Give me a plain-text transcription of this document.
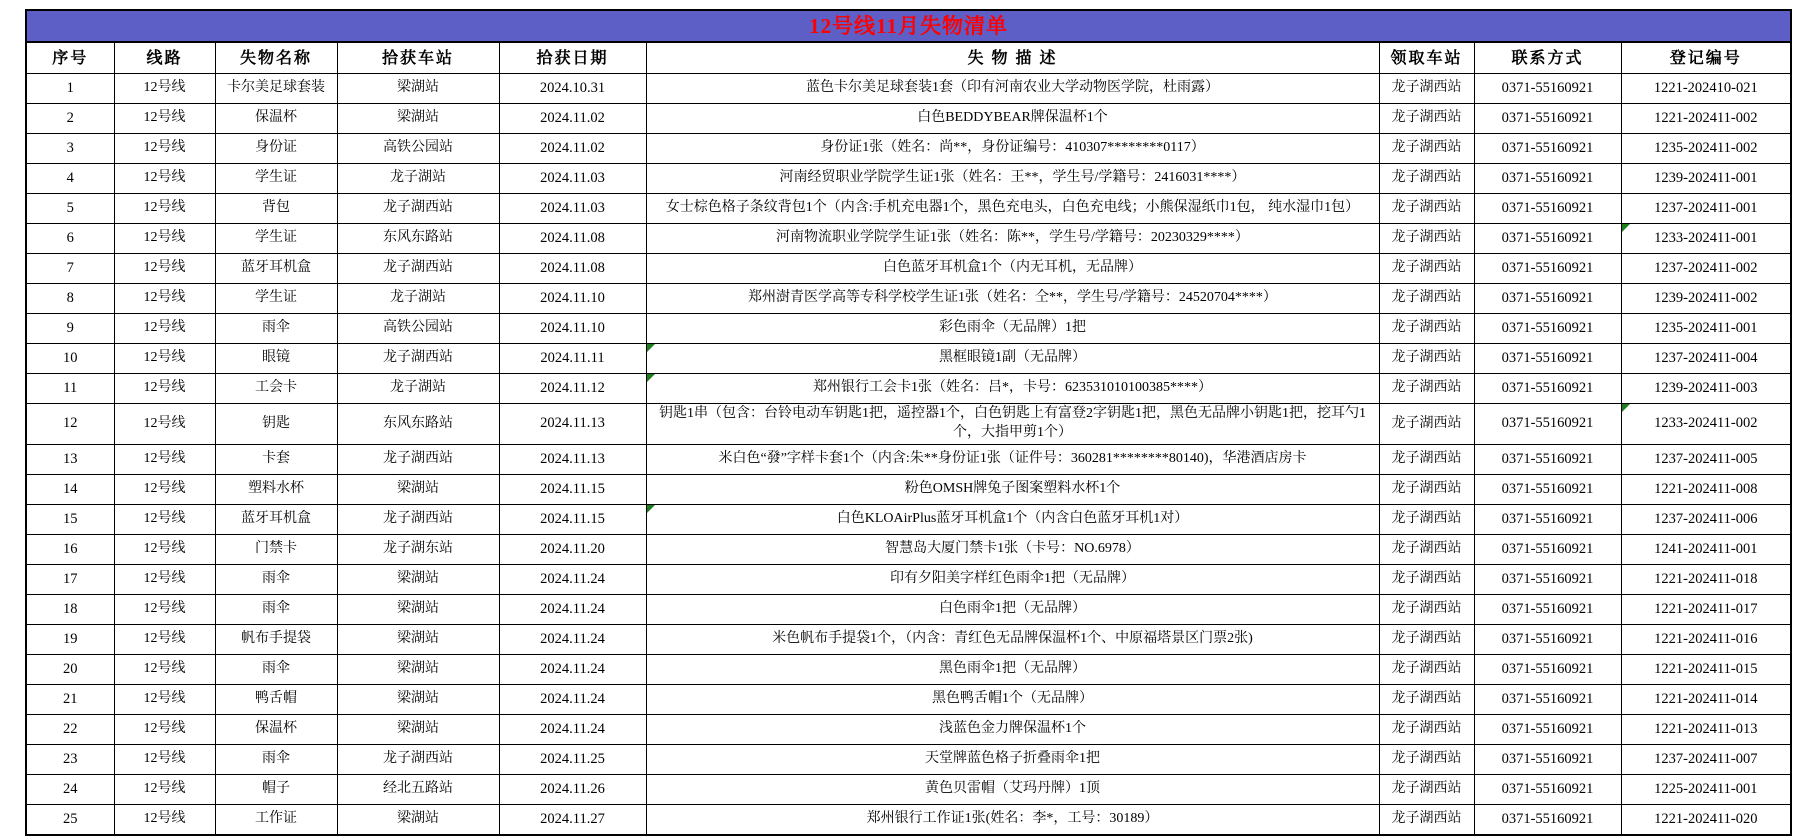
12号线11月失物清单								
序号	线路	失物名称	拾获车站	拾获日期	失 物 描 述	领取车站	联系方式	登记编号
1	12号线	卡尔美足球套装	梁湖站	2024.10.31	蓝色卡尔美足球套装1套（印有河南农业大学动物医学院，杜雨露）	龙子湖西站	0371-55160921	1221-202410-021
2	12号线	保温杯	梁湖站	2024.11.02	白色BEDDYBEAR牌保温杯1个	龙子湖西站	0371-55160921	1221-202411-002
3	12号线	身份证	高铁公园站	2024.11.02	身份证1张（姓名：尚**，身份证编号：410307********0117）	龙子湖西站	0371-55160921	1235-202411-002
4	12号线	学生证	龙子湖站	2024.11.03	河南经贸职业学院学生证1张（姓名：王**，学生号/学籍号：2416031****）	龙子湖西站	0371-55160921	1239-202411-001
5	12号线	背包	龙子湖西站	2024.11.03	女士棕色格子条纹背包1个（内含:手机充电器1个，黑色充电头，白色充电线；小熊保湿纸巾1包， 纯水湿巾1包）	龙子湖西站	0371-55160921	1237-202411-001
6	12号线	学生证	东风东路站	2024.11.08	河南物流职业学院学生证1张（姓名：陈**，学生号/学籍号：20230329****）	龙子湖西站	0371-55160921	1233-202411-001

7	12号线	蓝牙耳机盒	龙子湖西站	2024.11.08	白色蓝牙耳机盒1个（内无耳机，无品牌）	龙子湖西站	0371-55160921	1237-202411-002
8	12号线	学生证	龙子湖站	2024.11.10	郑州澍青医学高等专科学校学生证1张（姓名：仝**，学生号/学籍号：24520704****）	龙子湖西站	0371-55160921	1239-202411-002
9	12号线	雨伞	高铁公园站	2024.11.10	彩色雨伞（无品牌）1把	龙子湖西站	0371-55160921	1235-202411-001
10	12号线	眼镜	龙子湖西站	2024.11.11	黑框眼镜1副（无品牌）	龙子湖西站	0371-55160921	1237-202411-004
11	12号线	工会卡	龙子湖站	2024.11.12	郑州银行工会卡1张（姓名：吕*，卡号：623531010100385****）	龙子湖西站	0371-55160921	1239-202411-003
12	12号线	钥匙	东风东路站	2024.11.13	钥匙1串（包含：台铃电动车钥匙1把，遥控器1个，白色钥匙上有富登2字钥匙1把，黑色无品牌小钥匙1把，挖耳勺1个，大指甲剪1个）	龙子湖西站	0371-55160921	1233-202411-002

13	12号线	卡套	龙子湖西站	2024.11.13	米白色“發”字样卡套1个（内含:朱**身份证1张（证件号：360281********80140)，华港酒店房卡	龙子湖西站	0371-55160921	1237-202411-005
14	12号线	塑料水杯	梁湖站	2024.11.15	粉色OMSH牌兔子图案塑料水杯1个	龙子湖西站	0371-55160921	1221-202411-008
15	12号线	蓝牙耳机盒	龙子湖西站	2024.11.15	白色KLOAirPlus蓝牙耳机盒1个（内含白色蓝牙耳机1对）	龙子湖西站	0371-55160921	1237-202411-006
16	12号线	门禁卡	龙子湖东站	2024.11.20	智慧岛大厦门禁卡1张（卡号：NO.6978）	龙子湖西站	0371-55160921	1241-202411-001
17	12号线	雨伞	梁湖站	2024.11.24	印有夕阳美字样红色雨伞1把（无品牌）	龙子湖西站	0371-55160921	1221-202411-018
18	12号线	雨伞	梁湖站	2024.11.24	白色雨伞1把（无品牌）	龙子湖西站	0371-55160921	1221-202411-017
19	12号线	帆布手提袋	梁湖站	2024.11.24	米色帆布手提袋1个，（内含：青红色无品牌保温杯1个、中原福塔景区门票2张)	龙子湖西站	0371-55160921	1221-202411-016
20	12号线	雨伞	梁湖站	2024.11.24	黑色雨伞1把（无品牌）	龙子湖西站	0371-55160921	1221-202411-015
21	12号线	鸭舌帽	梁湖站	2024.11.24	黑色鸭舌帽1个（无品牌）	龙子湖西站	0371-55160921	1221-202411-014
22	12号线	保温杯	梁湖站	2024.11.24	浅蓝色金力牌保温杯1个	龙子湖西站	0371-55160921	1221-202411-013
23	12号线	雨伞	龙子湖西站	2024.11.25	天堂牌蓝色格子折叠雨伞1把	龙子湖西站	0371-55160921	1237-202411-007
24	12号线	帽子	经北五路站	2024.11.26	黄色贝雷帽（艾玛丹牌）1顶	龙子湖西站	0371-55160921	1225-202411-001
25	12号线	工作证	梁湖站	2024.11.27	郑州银行工作证1张(姓名：李*，工号：30189）	龙子湖西站	0371-55160921	1221-202411-020
